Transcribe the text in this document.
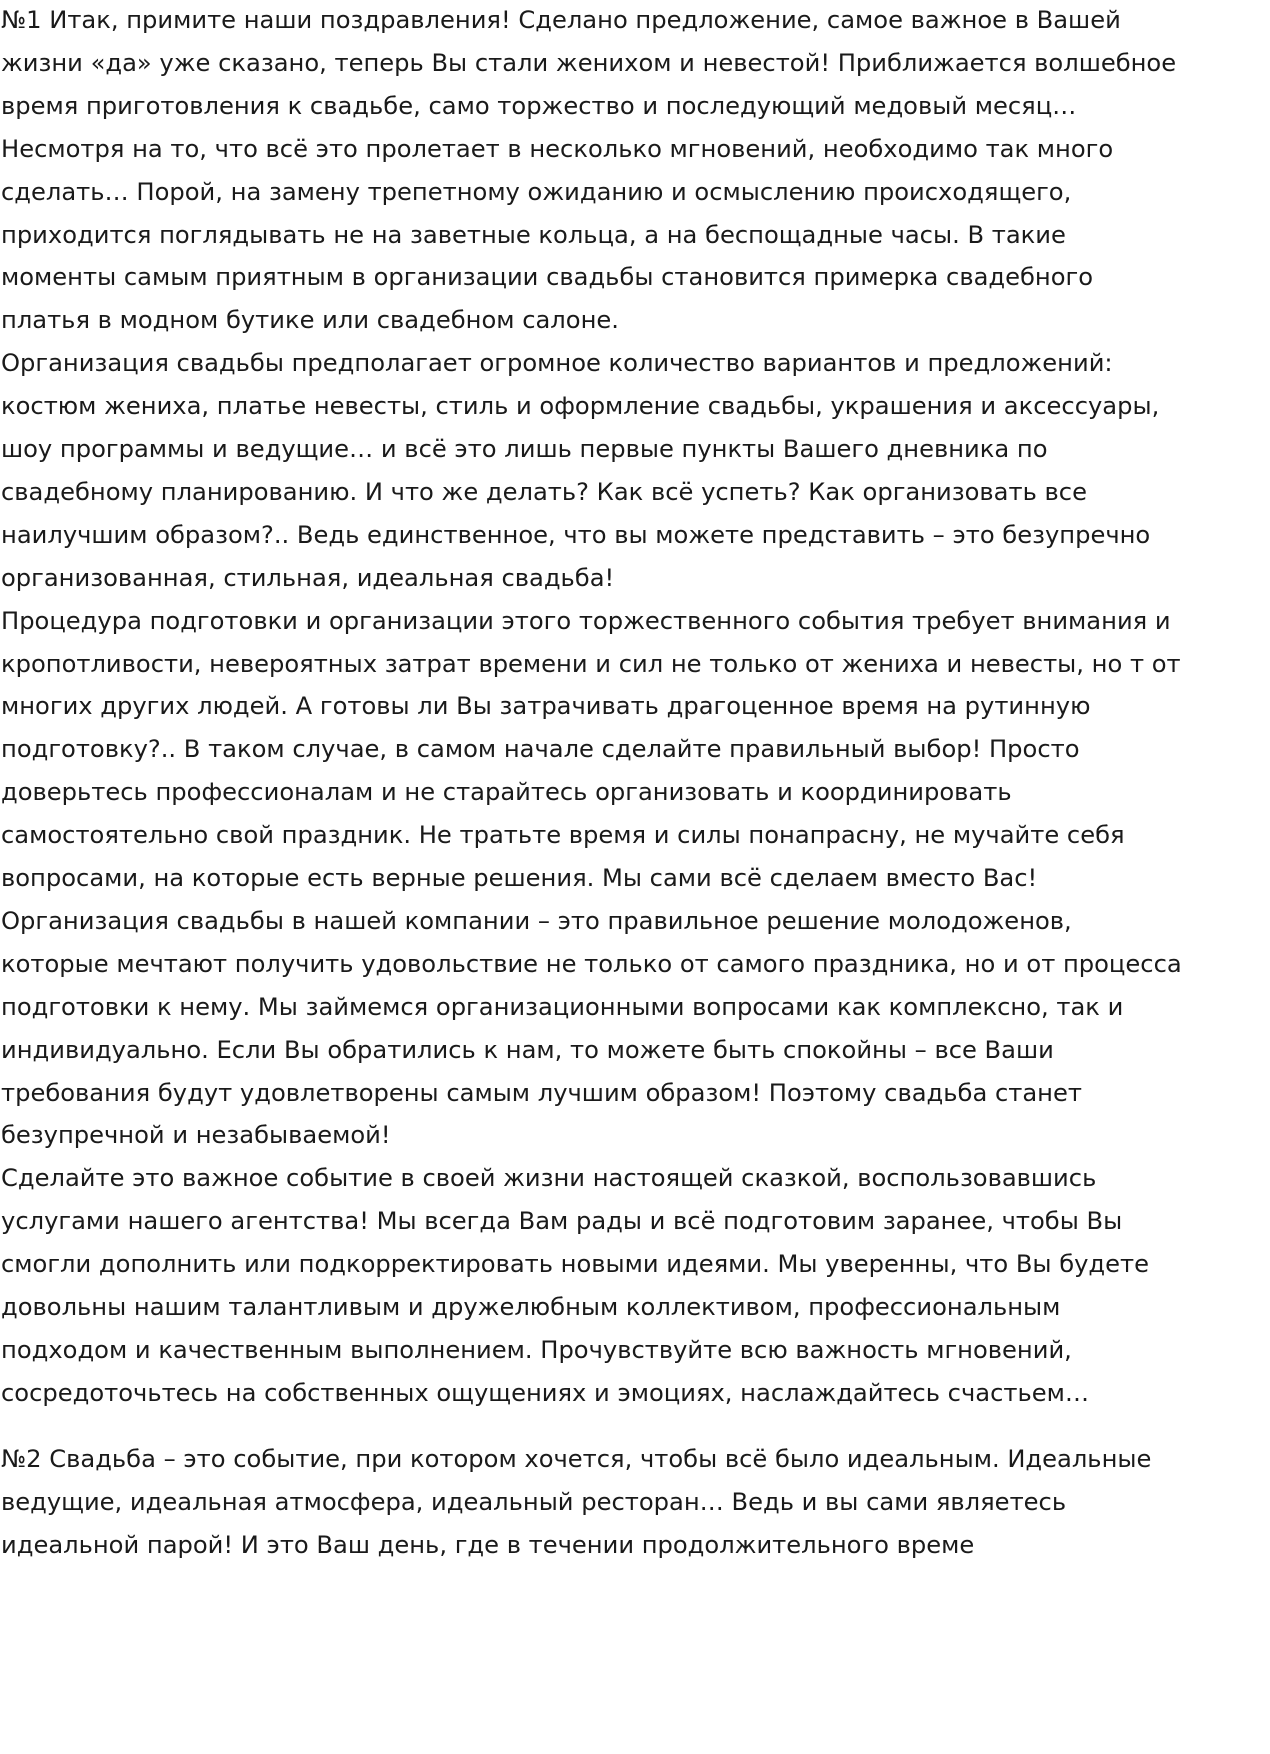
№1 Итак, примите наши поздравления! Сделано предложение, самое важное в Вашей
жизни «да» уже сказано, теперь Вы стали женихом и невестой! Приближается волшебное
время приготовления к свадьбе, само торжество и последующий медовый месяц…
Несмотря на то, что всё это пролетает в несколько мгновений, необходимо так много
сделать… Порой, на замену трепетному ожиданию и осмыслению происходящего,
приходится поглядывать не на заветные кольца, а на беспощадные часы. В такие
моменты самым приятным в организации свадьбы становится примерка свадебного
платья в модном бутике или свадебном салоне.
Организация свадьбы предполагает огромное количество вариантов и предложений:
костюм жениха, платье невесты, стиль и оформление свадьбы, украшения и аксессуары,
шоу программы и ведущие… и всё это лишь первые пункты Вашего дневника по
свадебному планированию. И что же делать? Как всё успеть? Как организовать все
наилучшим образом?.. Ведь единственное, что вы можете представить – это безупречно
организованная, стильная, идеальная свадьба!
Процедура подготовки и организации этого торжественного события требует внимания и
кропотливости, невероятных затрат времени и сил не только от жениха и невесты, но т от
многих других людей. А готовы ли Вы затрачивать драгоценное время на рутинную
подготовку?.. В таком случае, в самом начале сделайте правильный выбор! Просто
доверьтесь профессионалам и не старайтесь организовать и координировать
самостоятельно свой праздник. Не тратьте время и силы понапрасну, не мучайте себя
вопросами, на которые есть верные решения. Мы сами всё сделаем вместо Вас!
Организация свадьбы в нашей компании – это правильное решение молодоженов,
которые мечтают получить удовольствие не только от самого праздника, но и от процесса
подготовки к нему. Мы займемся организационными вопросами как комплексно, так и
индивидуально. Если Вы обратились к нам, то можете быть спокойны – все Ваши
требования будут удовлетворены самым лучшим образом! Поэтому свадьба станет
безупречной и незабываемой!
Сделайте это важное событие в своей жизни настоящей сказкой, воспользовавшись
услугами нашего агентства! Мы всегда Вам рады и всё подготовим заранее, чтобы Вы
смогли дополнить или подкорректировать новыми идеями. Мы уверенны, что Вы будете
довольны нашим талантливым и дружелюбным коллективом, профессиональным
подходом и качественным выполнением. Прочувствуйте всю важность мгновений,
сосредоточьтесь на собственных ощущениях и эмоциях, наслаждайтесь счастьем…
№2 Свадьба – это событие, при котором хочется, чтобы всё было идеальным. Идеальные
ведущие, идеальная атмосфера, идеальный ресторан… Ведь и вы сами являетесь
идеальной парой! И это Ваш день, где в течении продолжительного време
